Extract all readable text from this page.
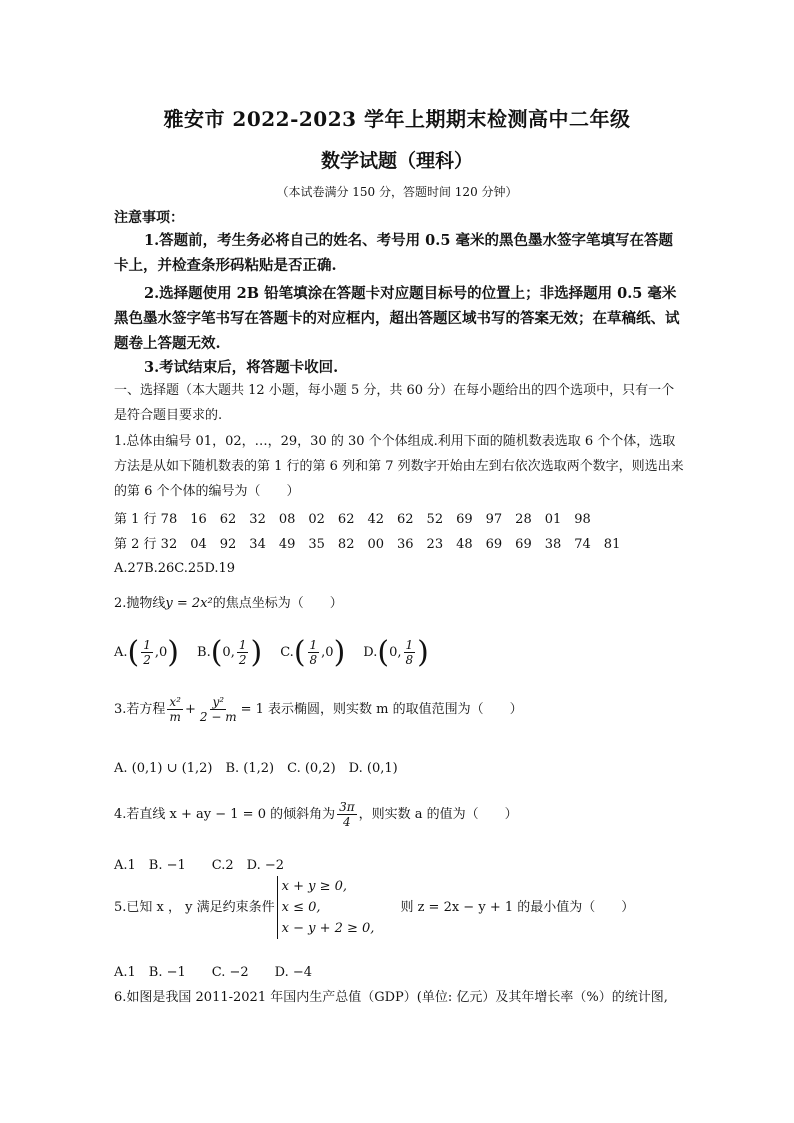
雅安市 2022-2023 学年上期期末检测高中二年级
数学试题（理科）
（本试卷满分 150 分，答题时间 120 分钟）
注意事项：
1.答题前，考生务必将自己的姓名、考号用 0.5 毫米的黑色墨水签字笔填写在答题卡上，并检查条形码粘贴是否正确.
2.选择题使用 2B 铅笔填涂在答题卡对应题目标号的位置上；非选择题用 0.5 毫米黑色墨水签字笔书写在答题卡的对应框内，超出答题区域书写的答案无效；在草稿纸、试题卷上答题无效.
3.考试结束后，将答题卡收回.
一、选择题（本大题共 12 小题，每小题 5 分，共 60 分）在每小题给出的四个选项中，只有一个是符合题目要求的.
1.总体由编号 01，02，…，29，30 的 30 个个体组成.利用下面的随机数表选取 6 个个体，选取方法是从如下随机数表的第 1 行的第 6 列和第 7 列数字开始由左到右依次选取两个数字，则选出来的第 6 个个体的编号为（　　）
第 1 行 78　16　62　32　08　02　62　42　62　52　69　97　28　01　98
第 2 行 32　04　92　34　49　35　82　00　36　23　48　69　69　38　74　81
A.27B.26C.25D.19
2.抛物线y = 2x²的焦点坐标为（　　）
$A.( \frac{1}{2} ,0)$ B.(0, $\frac{1}{2}$ ) $C.( \frac{1}{8} ,0)$ D.(0, $\frac{1}{8}$ )
3.若方程 $\frac{\text{x²}}{m} + \frac{\text{y²}}{2 - m} = 1$ 表示椭圆，则实数 m 的取值范围为（　　）
A. (0,1) ∪ (1,2)　B. (1,2)　C. (0,2)　D. (0,1)
4.若直线 x + ay − 1 = 0 的倾斜角为 $\frac{3\pi}{4}$ ，则实数 a 的值为（　　）
A.1　B. −1　　C.2　D. −2
5.已知 x ， y 满足约束条件
x + y ≥ 0,
x ≤ 0,
x − y + 2 ≥ 0,
则 z = 2x − y + 1 的最小值为（　　）
A.1　B. −1　　C. −2　　D. −4
6.如图是我国 2011-2021 年国内生产总值（GDP）(单位: 亿元）及其年增长率（%）的统计图,
